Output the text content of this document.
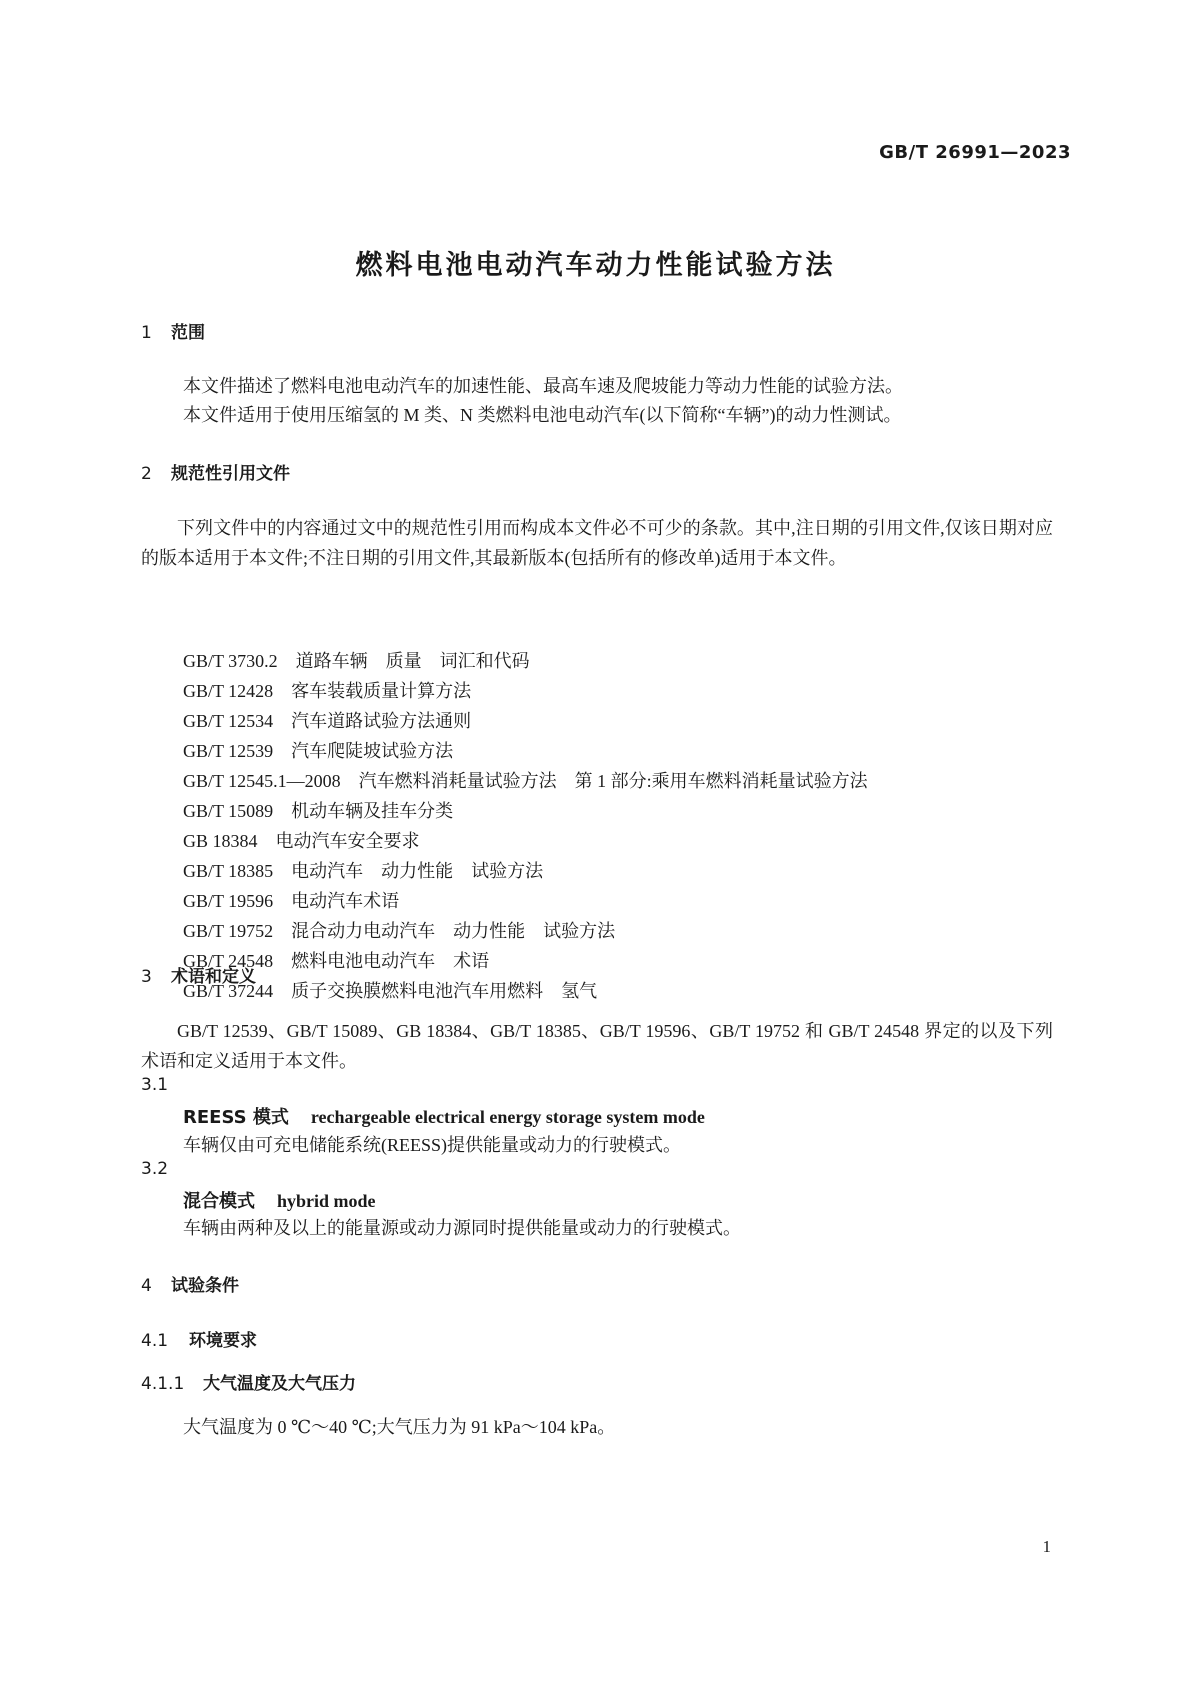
GB/T 26991—2023
燃料电池电动汽车动力性能试验方法
1 范围
本文件描述了燃料电池电动汽车的加速性能、最高车速及爬坡能力等动力性能的试验方法。
本文件适用于使用压缩氢的 M 类、N 类燃料电池电动汽车(以下简称“车辆”)的动力性测试。
2 规范性引用文件
下列文件中的内容通过文中的规范性引用而构成本文件必不可少的条款。其中,注日期的引用文件,仅该日期对应的版本适用于本文件;不注日期的引用文件,其最新版本(包括所有的修改单)适用于本文件。
GB/T 3730.2　道路车辆　质量　词汇和代码
GB/T 12428　客车装载质量计算方法
GB/T 12534　汽车道路试验方法通则
GB/T 12539　汽车爬陡坡试验方法
GB/T 12545.1—2008　汽车燃料消耗量试验方法　第 1 部分:乘用车燃料消耗量试验方法
GB/T 15089　机动车辆及挂车分类
GB 18384　电动汽车安全要求
GB/T 18385　电动汽车　动力性能　试验方法
GB/T 19596　电动汽车术语
GB/T 19752　混合动力电动汽车　动力性能　试验方法
GB/T 24548　燃料电池电动汽车　术语
GB/T 37244　质子交换膜燃料电池汽车用燃料　氢气
3 术语和定义
GB/T 12539、GB/T 15089、GB 18384、GB/T 18385、GB/T 19596、GB/T 19752 和 GB/T 24548 界定的以及下列术语和定义适用于本文件。
3.1
REESS 模式 rechargeable electrical energy storage system mode
车辆仅由可充电储能系统(REESS)提供能量或动力的行驶模式。
3.2
混合模式 hybrid mode
车辆由两种及以上的能量源或动力源同时提供能量或动力的行驶模式。
4 试验条件
4.1 环境要求
4.1.1 大气温度及大气压力
大气温度为 0 ℃～40 ℃;大气压力为 91 kPa～104 kPa。
1
